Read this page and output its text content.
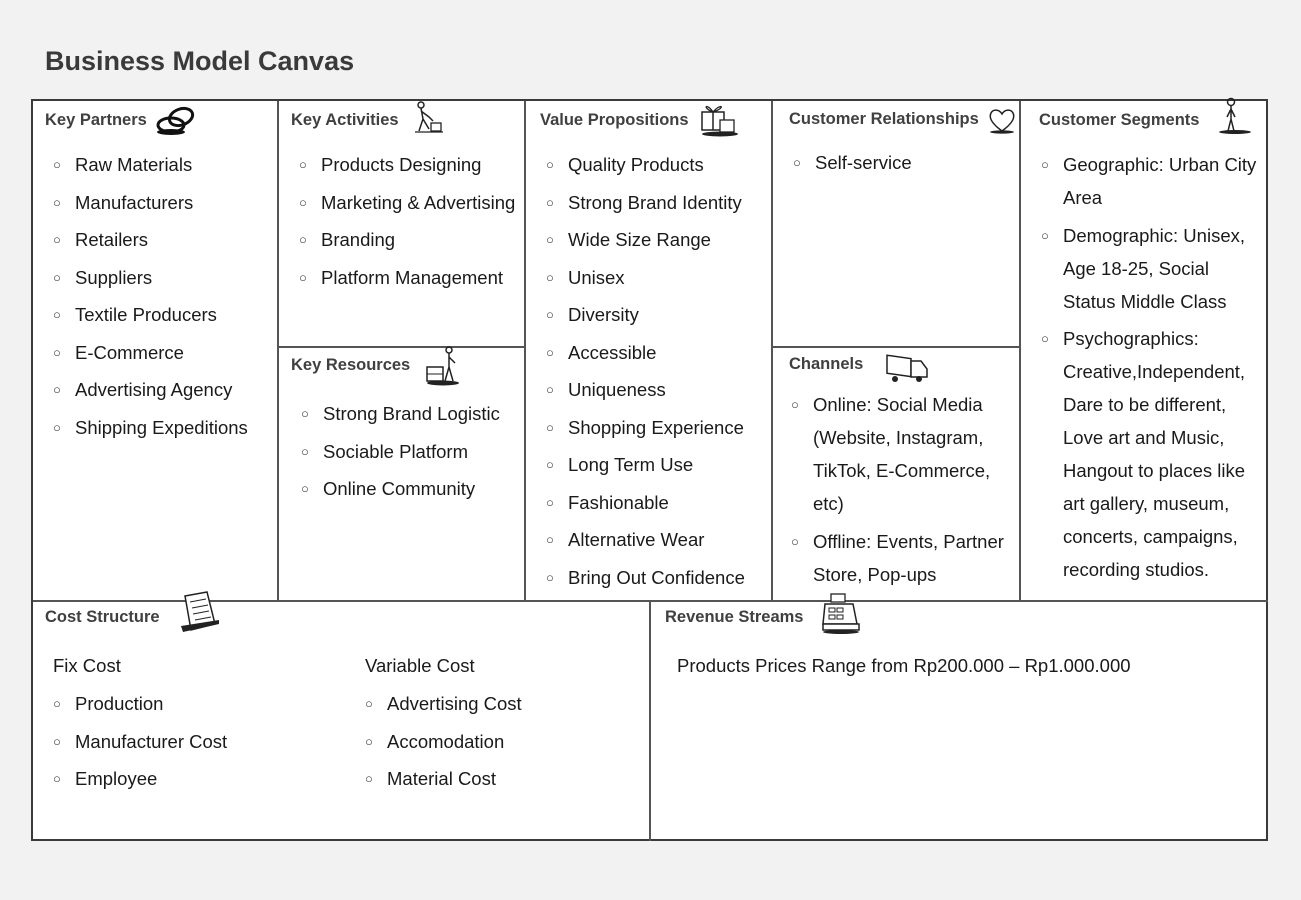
Business Model Canvas
Key Partners
○ Raw Materials
○ Manufacturers
○ Retailers
○ Suppliers
○ Textile Producers
○ E-Commerce
○ Advertising Agency
○ Shipping Expeditions
Key Activities
○ Products Designing
○ Marketing & Advertising
○ Branding
○ Platform Management
Key Resources
○ Strong Brand Logistic
○ Sociable Platform
○ Online Community
Value Propositions
○ Quality Products
○ Strong Brand Identity
○ Wide Size Range
○ Unisex
○ Diversity
○ Accessible
○ Uniqueness
○ Shopping Experience
○ Long Term Use
○ Fashionable
○ Alternative Wear
○ Bring Out Confidence
Customer Relationships
○ Self-service
Channels
○ Online: Social Media (Website, Instagram, TikTok, E-Commerce, etc)
○ Offline: Events, Partner Store, Pop-ups
Customer Segments
○ Geographic: Urban City Area
○ Demographic: Unisex, Age 18-25, Social Status Middle Class
○ Psychographics: Creative,Independent, Dare to be different, Love art and Music, Hangout to places like art gallery, museum, concerts, campaigns, recording studios.
Cost Structure
Fix Cost
○ Production
○ Manufacturer Cost
○ Employee
Variable Cost
○ Advertising Cost
○ Accomodation
○ Material Cost
Revenue Streams
Products Prices Range from Rp200.000 – Rp1.000.000
